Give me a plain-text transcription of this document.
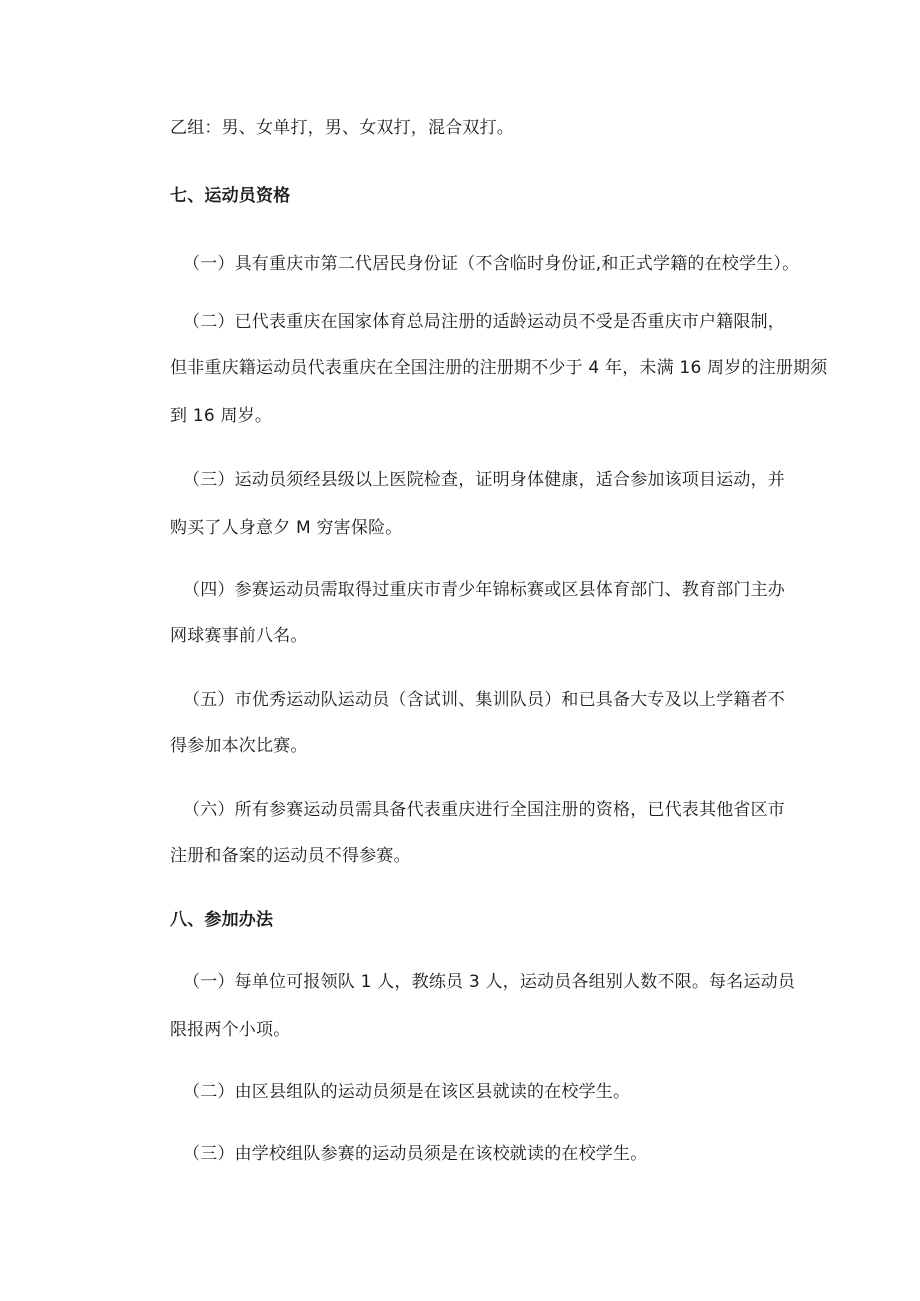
乙组：男、女单打，男、女双打，混合双打。
七、运动员资格
（一）具有重庆市第二代居民身份证（不含临时身份证,和正式学籍的在校学生）。
（二）已代表重庆在国家体育总局注册的适龄运动员不受是否重庆市户籍限制，
但非重庆籍运动员代表重庆在全国注册的注册期不少于 4 年，未满 16 周岁的注册期须
到 16 周岁。
（三）运动员须经县级以上医院检查，证明身体健康，适合参加该项目运动，并
购买了人身意夕 M 穷害保险。
（四）参赛运动员需取得过重庆市青少年锦标赛或区县体育部门、教育部门主办
网球赛事前八名。
（五）市优秀运动队运动员（含试训、集训队员）和已具备大专及以上学籍者不
得参加本次比赛。
（六）所有参赛运动员需具备代表重庆进行全国注册的资格，已代表其他省区市
注册和备案的运动员不得参赛。
八、参加办法
（一）每单位可报领队 1 人，教练员 3 人，运动员各组别人数不限。每名运动员
限报两个小项。
（二）由区县组队的运动员须是在该区县就读的在校学生。
（三）由学校组队参赛的运动员须是在该校就读的在校学生。
